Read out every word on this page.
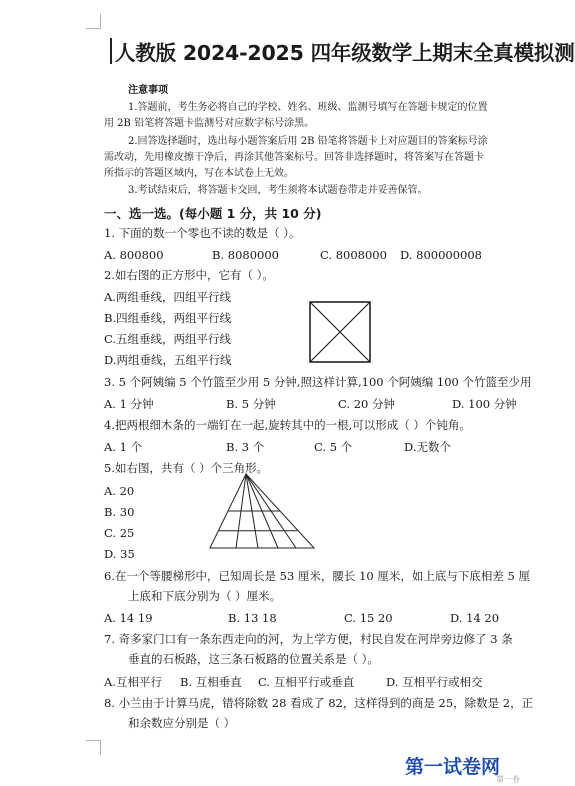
人教版 2024-2025 四年级数学上期末全真模拟测
注意事项
1.答题前，考生务必将自己的学校、姓名、班级、监测号填写在答题卡规定的位置
用 2B 铅笔将答题卡监测号对应数字标号涂黑。
2.回答选择题时，选出每小题答案后用 2B 铅笔将答题卡上对应题目的答案标号涂
需改动，先用橡皮擦干净后，再涂其他答案标号。回答非选择题时，将答案写在答题卡
所指示的答题区域内，写在本试卷上无效。
3.考试结束后，将答题卡交回，考生须将本试题卷带走并妥善保管。
一、选一选。(每小题 1 分，共 10 分)
1. 下面的数一个零也不读的数是（ ）。
A. 800800	B. 8080000	C. 8008000 D. 800000008
2.如右图的正方形中，它有（ ）。
A.两组垂线，四组平行线
B.四组垂线，两组平行线
C.五组垂线，两组平行线
D.两组垂线，五组平行线
3. 5 个阿姨编 5 个竹篮至少用 5 分钟,照这样计算,100 个阿姨编 100 个竹篮至少用
A. 1 分钟	B. 5 分钟	C. 20 分钟	D. 100 分钟
4.把两根细木条的一端钉在一起,旋转其中的一根,可以形成（ ）个钝角。
A. 1 个	B. 3 个	C. 5 个	D.无数个
5.如右图，共有（ ）个三角形。
A. 20
B. 30
C. 25
D. 35
6.在一个等腰梯形中，已知周长是 53 厘米，腰长 10 厘米，如上底与下底相差 5 厘
上底和下底分别为（ ）厘米。
A. 14 19	B. 13 18	C. 15 20	D. 14 20
7. 奇多家门口有一条东西走向的河，为上学方便，村民自发在河岸旁边修了 3 条
垂直的石板路，这三条石板路的位置关系是（ ）。
A.互相平行 B. 互相垂直 C. 互相平行或垂直	D. 互相平行或相交
8. 小兰由于计算马虎，错将除数 28 看成了 82，这样得到的商是 25，除数是 2，正
和余数应分别是（ ）
第一试卷网
第一卷
